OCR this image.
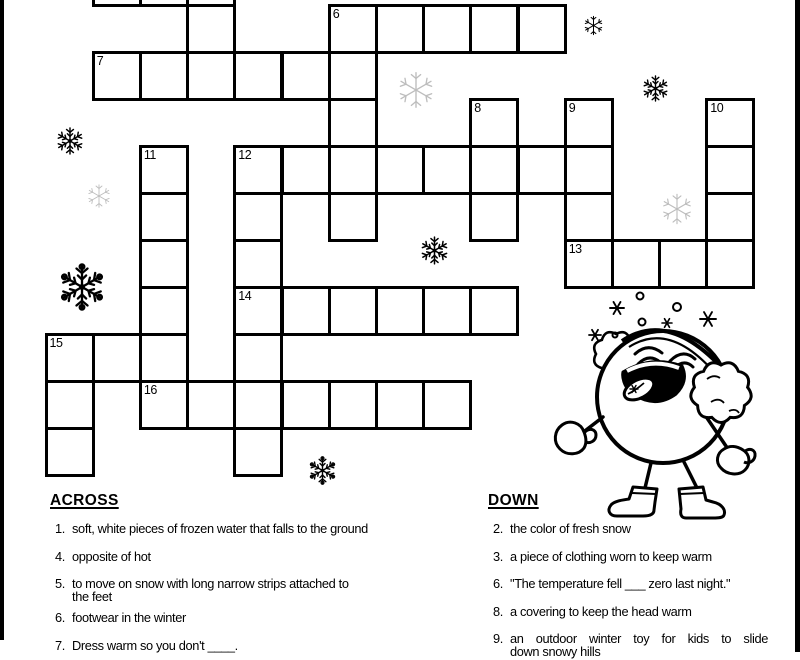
6
7
8	9	10
11	12
13
14
15
16
ACROSS
1. soft, white pieces of frozen water that falls to the ground
4. opposite of hot
5. to move on snow with long narrow strips attached to
the feet
6. footwear in the winter
7. Dress warm so you don't ____.
DOWN
2. the color of fresh snow
3. a piece of clothing worn to keep warm
6. "The temperature fell ___ zero last night."
8. a covering to keep the head warm
9. an outdoor winter toy for kids to slide
down snowy hills
